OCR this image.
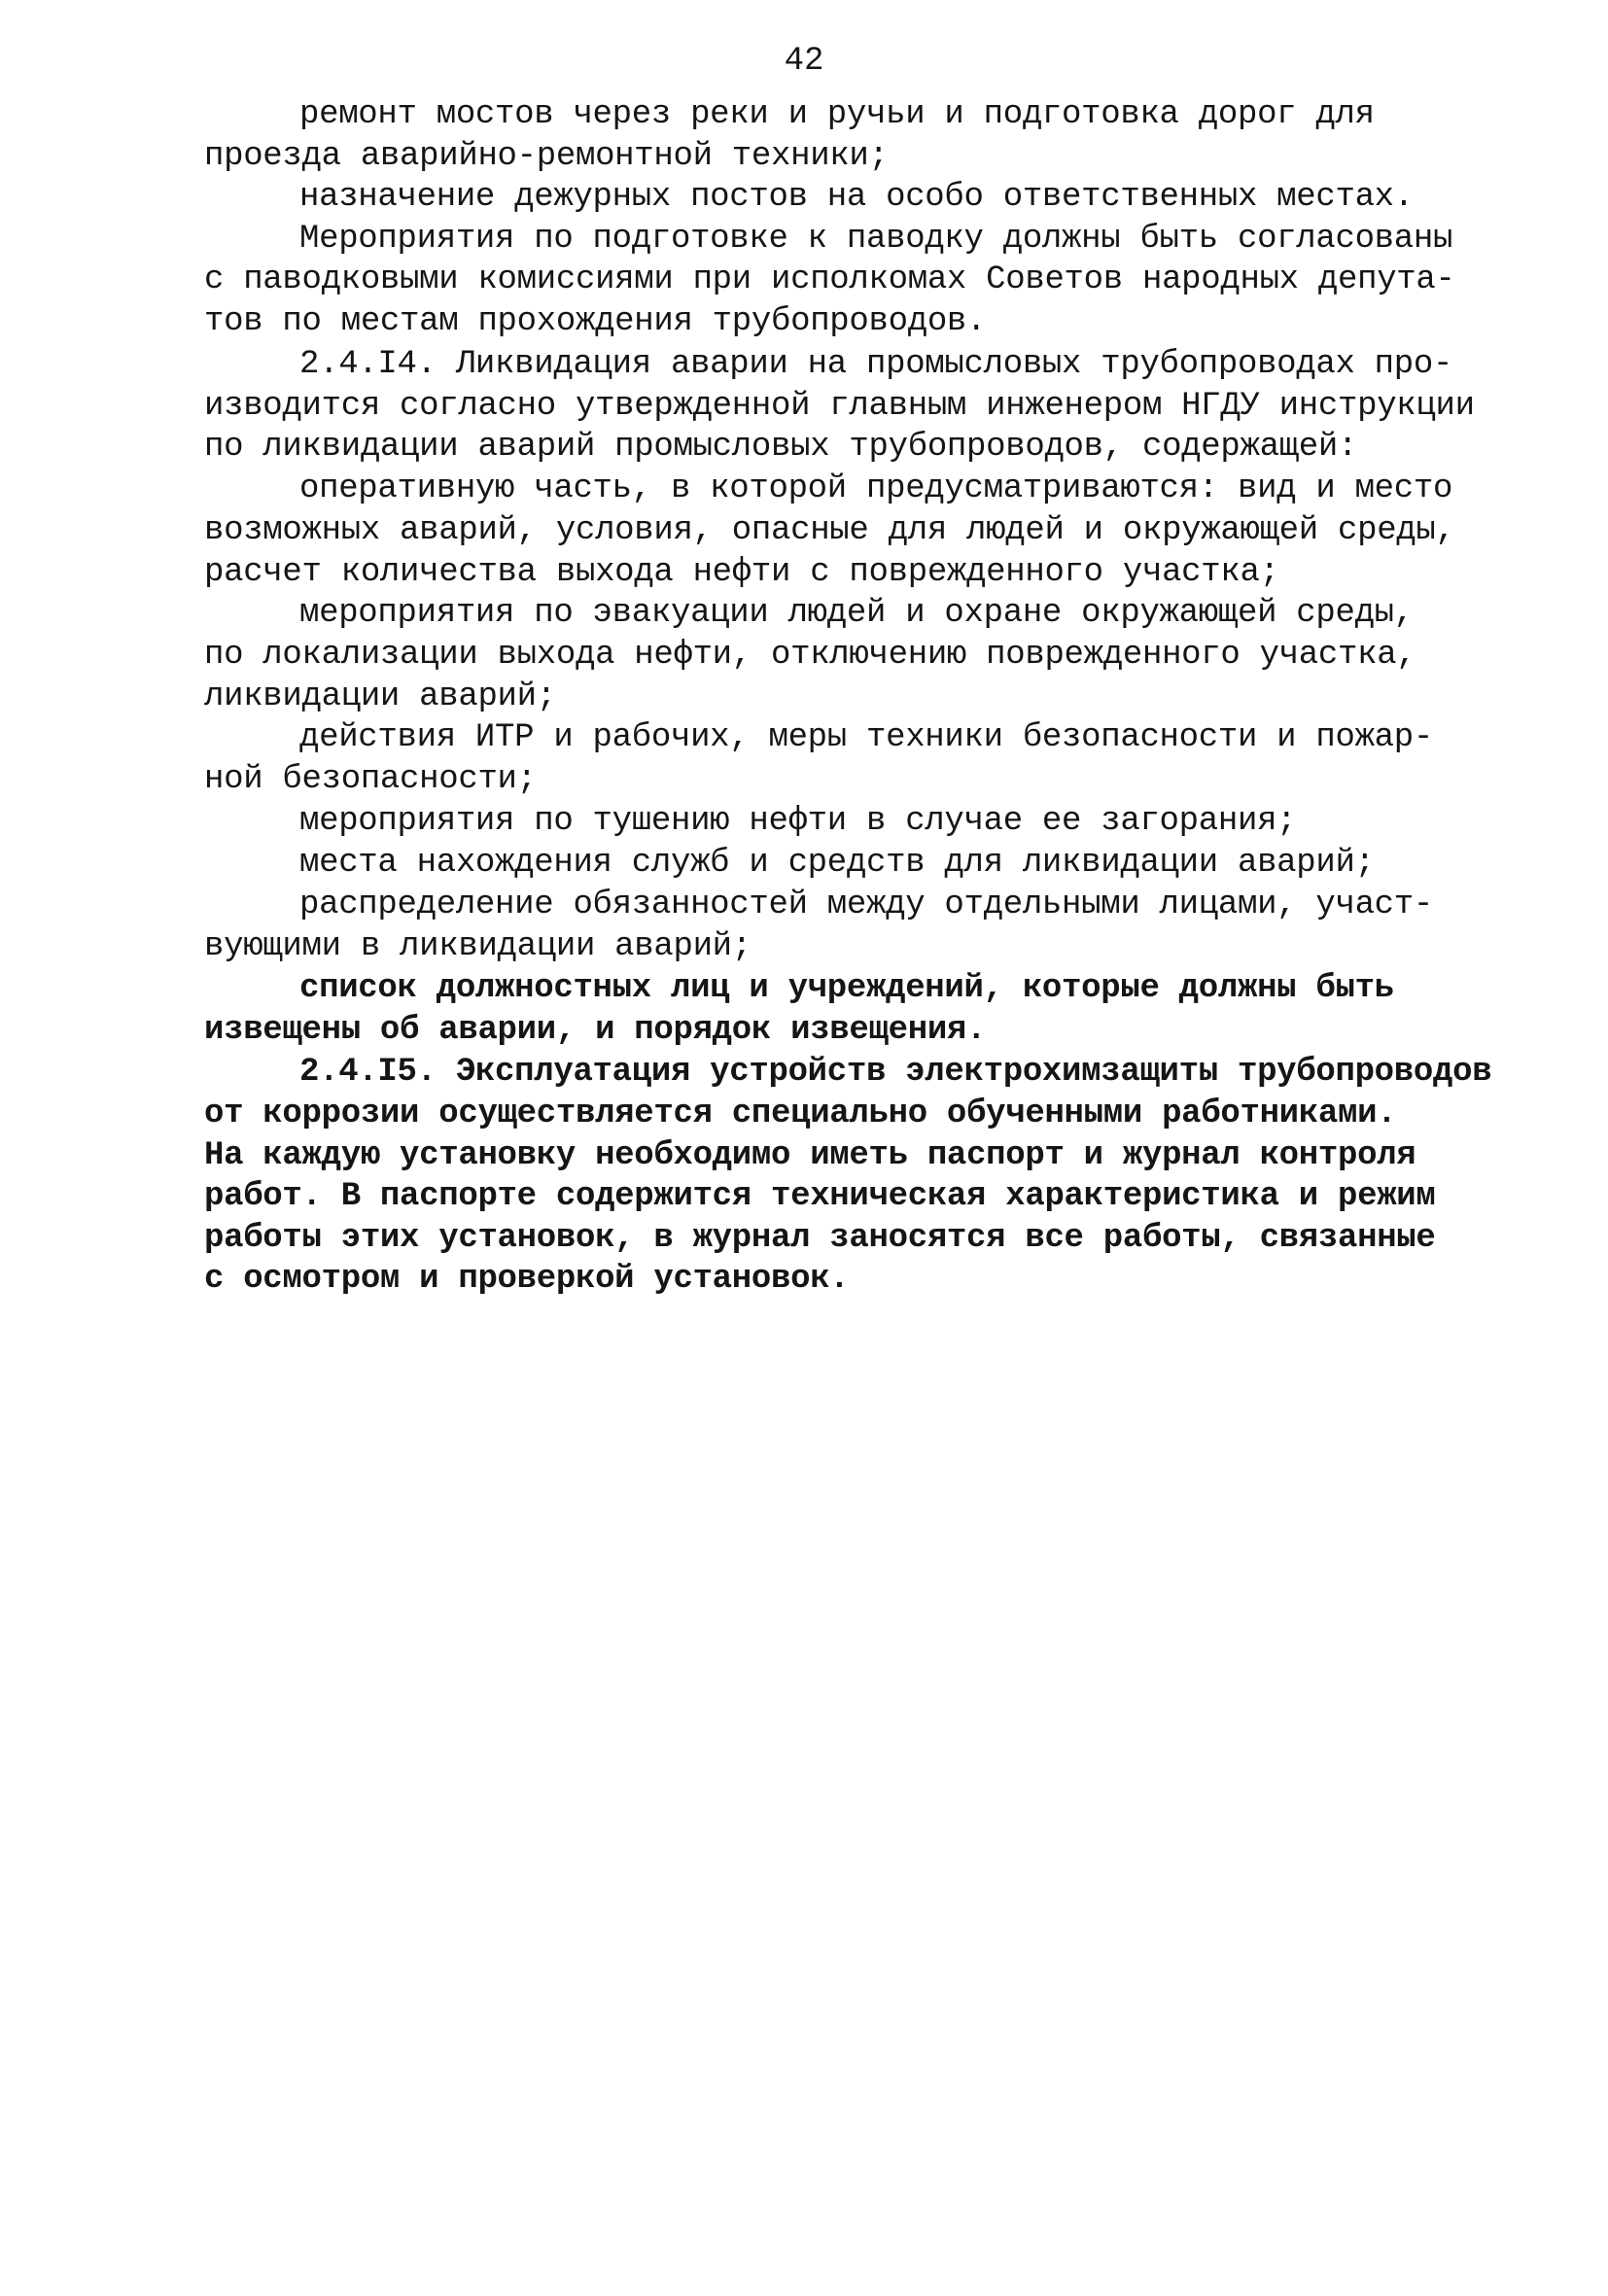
42
ремонт мостов через реки и ручьи и подготовка дорог для
проезда аварийно-ремонтной техники;
назначение дежурных постов на особо ответственных местах.
Мероприятия по подготовке к паводку должны быть согласованы
с паводковыми комиссиями при исполкомах Советов народных депута-
тов по местам прохождения трубопроводов.
2.4.I4. Ликвидация аварии на промысловых трубопроводах про-
изводится согласно утвержденной главным инженером НГДУ инструкции
по ликвидации аварий промысловых трубопроводов, содержащей:
оперативную часть, в которой предусматриваются: вид и место
возможных аварий, условия, опасные для людей и окружающей среды,
расчет количества выхода нефти с поврежденного участка;
мероприятия по эвакуации людей и охране окружающей среды,
по локализации выхода нефти, отключению поврежденного участка,
ликвидации аварий;
действия ИТР и рабочих, меры техники безопасности и пожар-
ной безопасности;
мероприятия по тушению нефти в случае ее загорания;
места нахождения служб и средств для ликвидации аварий;
распределение обязанностей между отдельными лицами, участ-
вующими в ликвидации аварий;
список должностных лиц и учреждений, которые должны быть
извещены об аварии, и порядок извещения.
2.4.I5. Эксплуатация устройств электрохимзащиты трубопроводов
от коррозии осуществляется специально обученными работниками.
На каждую установку необходимо иметь паспорт и журнал контроля
работ. В паспорте содержится техническая характеристика и режим
работы этих установок, в журнал заносятся все работы, связанные
с осмотром и проверкой установок.
